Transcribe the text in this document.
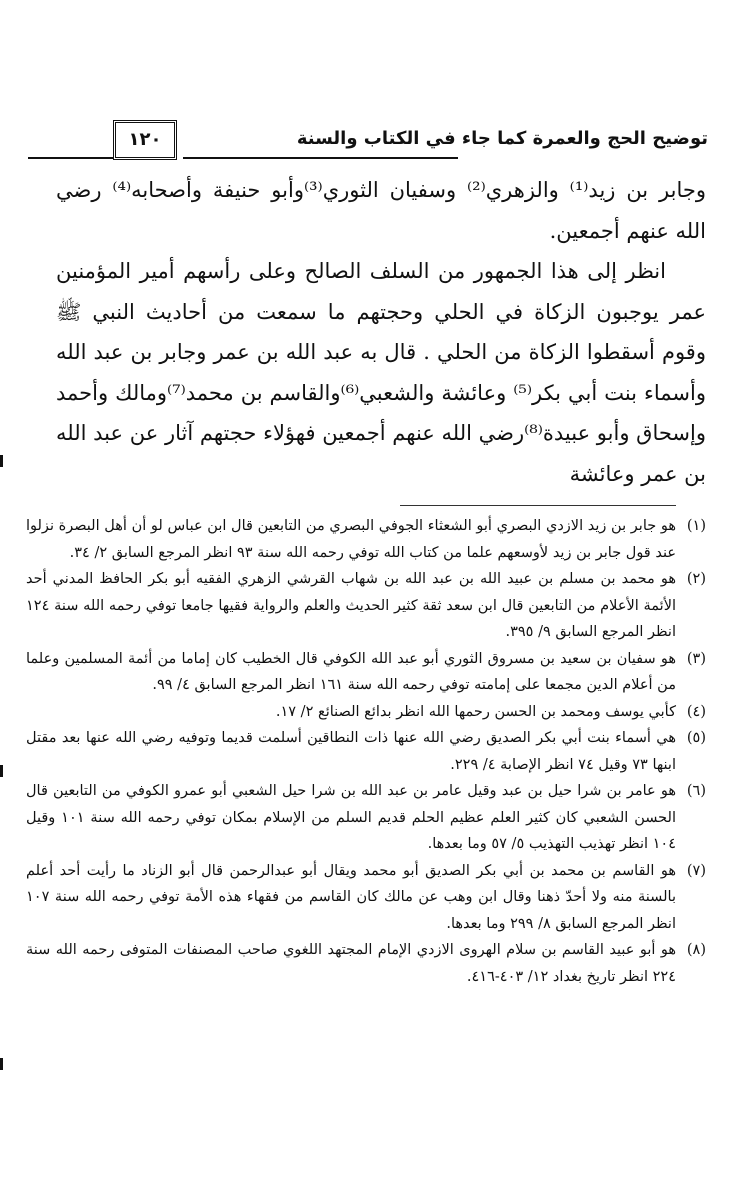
توضيح الحج والعمرة كما جاء في الكتاب والسنة
١٢٠

وجابر بن زيد⁽¹⁾ والزهري⁽²⁾ وسفيان الثوري⁽³⁾وأبو حنيفة وأصحابه⁽⁴⁾ رضي الله عنهم أجمعين.

انظر إلى هذا الجمهور من السلف الصالح وعلى رأسهم أمير المؤمنين عمر يوجبون الزكاة في الحلي وحجتهم ما سمعت من أحاديث النبي ﷺ وقوم أسقطوا الزكاة من الحلي . قال به عبد الله بن عمر وجابر بن عبد الله وأسماء بنت أبي بكر⁽⁵⁾ وعائشة والشعبي⁽⁶⁾والقاسم بن محمد⁽⁷⁾ومالك وأحمد وإسحاق وأبو عبيدة⁽⁸⁾رضي الله عنهم أجمعين فهؤلاء حجتهم آثار عن عبد الله بن عمر وعائشة

(١)
هو جابر بن زيد الازدي البصري أبو الشعثاء الجوفي البصري من التابعين قال ابن عباس لو أن أهل البصرة نزلوا عند قول جابر بن زيد لأوسعهم علما من كتاب الله توفي رحمه الله سنة ٩٣ انظر المرجع السابق ٢/ ٣٤.

(٢)
هو محمد بن مسلم بن عبيد الله بن عبد الله بن شهاب القرشي الزهري الفقيه أبو بكر الحافظ المدني أحد الأئمة الأعلام من التابعين قال ابن سعد ثقة كثير الحديث والعلم والرواية فقيها جامعا توفي رحمه الله سنة ١٢٤ انظر المرجع السابق ٩/ ٣٩٥.

(٣)
هو سفيان بن سعيد بن مسروق الثوري أبو عبد الله الكوفي قال الخطيب كان إماما من أئمة المسلمين وعلما من أعلام الدين مجمعا على إمامته توفي رحمه الله سنة ١٦١ انظر المرجع السابق ٤/ ٩٩.

(٤)
كأبي يوسف ومحمد بن الحسن رحمها الله انظر بدائع الصنائع ٢/ ١٧.

(٥)
هي أسماء بنت أبي بكر الصديق رضي الله عنها ذات النطاقين أسلمت قديما وتوفيه رضي الله عنها بعد مقتل ابنها ٧٣ وقيل ٧٤ انظر الإصابة ٤/ ٢٢٩.

(٦)
هو عامر بن شرا حيل بن عبد وقيل عامر بن عبد الله بن شرا حيل الشعبي أبو عمرو الكوفي من التابعين قال الحسن الشعبي كان كثير العلم عظيم الحلم قديم السلم من الإسلام بمكان توفي رحمه الله سنة ١٠١ وقيل ١٠٤ انظر تهذيب التهذيب ٥/ ٥٧ وما بعدها.

(٧)
هو القاسم بن محمد بن أبي بكر الصديق أبو محمد ويقال أبو عبدالرحمن قال أبو الزناد ما رأيت أحد أعلم بالسنة منه ولا أحدّ ذهنا وقال ابن وهب عن مالك كان القاسم من فقهاء هذه الأمة توفي رحمه الله سنة ١٠٧ انظر المرجع السابق ٨/ ٢٩٩ وما بعدها.

(٨)
هو أبو عبيد القاسم بن سلام الهروى الازدي الإمام المجتهد اللغوي صاحب المصنفات المتوفى رحمه الله سنة ٢٢٤ انظر تاريخ بغداد ١٢/ ٤٠٣-٤١٦.
